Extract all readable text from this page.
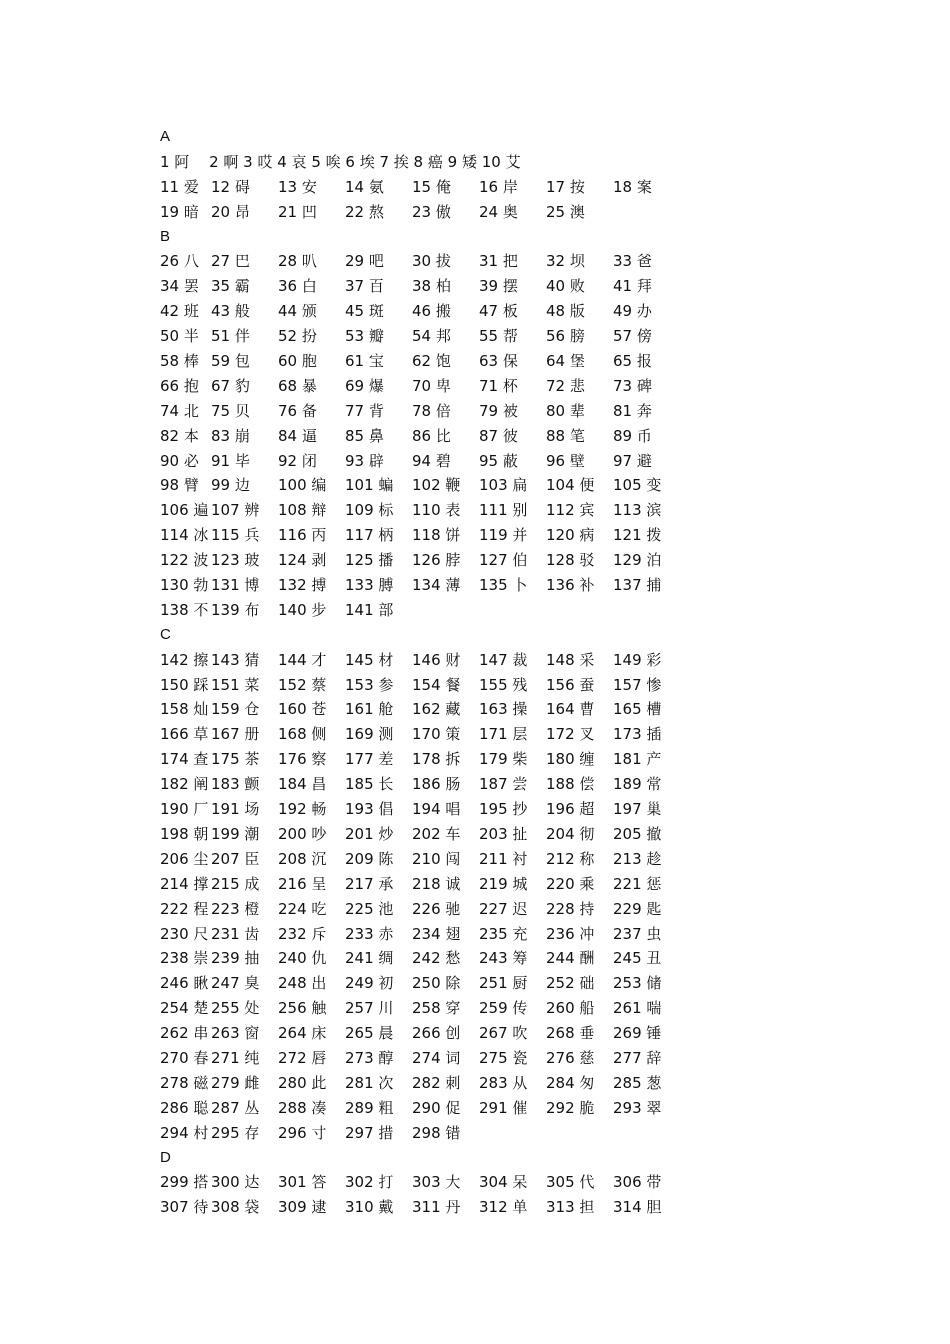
A
1 阿　 2 啊 3 哎 4 哀 5 唉 6 埃 7 挨 8 癌 9 矮 10 艾
11 爱 12 碍 13 安 14 氨 15 俺 16 岸 17 按 18 案
19 暗 20 昂 21 凹 22 熬 23 傲 24 奥 25 澳
B
26 八 27 巴 28 叭 29 吧 30 拔 31 把 32 坝 33 爸
34 罢 35 霸 36 白 37 百 38 柏 39 摆 40 败 41 拜
42 班 43 般 44 颁 45 斑 46 搬 47 板 48 版 49 办
50 半 51 伴 52 扮 53 瓣 54 邦 55 帮 56 膀 57 傍
58 棒 59 包 60 胞 61 宝 62 饱 63 保 64 堡 65 报
66 抱 67 豹 68 暴 69 爆 70 卑 71 杯 72 悲 73 碑
74 北 75 贝 76 备 77 背 78 倍 79 被 80 辈 81 奔
82 本 83 崩 84 逼 85 鼻 86 比 87 彼 88 笔 89 币
90 必 91 毕 92 闭 93 辟 94 碧 95 蔽 96 壁 97 避
98 臂 99 边 100 编 101 蝙 102 鞭 103 扁 104 便 105 变
106 遍 107 辨 108 辩 109 标 110 表 111 别 112 宾 113 滨
114 冰 115 兵 116 丙 117 柄 118 饼 119 并 120 病 121 拨
122 波 123 玻 124 剥 125 播 126 脖 127 伯 128 驳 129 泊
130 勃 131 博 132 搏 133 膊 134 薄 135 卜 136 补 137 捕
138 不 139 布 140 步 141 部
C
142 擦 143 猜 144 才 145 材 146 财 147 裁 148 采 149 彩
150 踩 151 菜 152 蔡 153 参 154 餐 155 残 156 蚕 157 惨
158 灿 159 仓 160 苍 161 舱 162 藏 163 操 164 曹 165 槽
166 草 167 册 168 侧 169 测 170 策 171 层 172 叉 173 插
174 查 175 茶 176 察 177 差 178 拆 179 柴 180 缠 181 产
182 阐 183 颤 184 昌 185 长 186 肠 187 尝 188 偿 189 常
190 厂 191 场 192 畅 193 倡 194 唱 195 抄 196 超 197 巢
198 朝 199 潮 200 吵 201 炒 202 车 203 扯 204 彻 205 撤
206 尘 207 臣 208 沉 209 陈 210 闯 211 衬 212 称 213 趁
214 撑 215 成 216 呈 217 承 218 诚 219 城 220 乘 221 惩
222 程 223 橙 224 吃 225 池 226 驰 227 迟 228 持 229 匙
230 尺 231 齿 232 斥 233 赤 234 翅 235 充 236 冲 237 虫
238 崇 239 抽 240 仇 241 绸 242 愁 243 筹 244 酬 245 丑
246 瞅 247 臭 248 出 249 初 250 除 251 厨 252 础 253 储
254 楚 255 处 256 触 257 川 258 穿 259 传 260 船 261 喘
262 串 263 窗 264 床 265 晨 266 创 267 吹 268 垂 269 锤
270 春 271 纯 272 唇 273 醇 274 词 275 瓷 276 慈 277 辞
278 磁 279 雌 280 此 281 次 282 刺 283 从 284 匆 285 葱
286 聪 287 丛 288 凑 289 粗 290 促 291 催 292 脆 293 翠
294 村 295 存 296 寸 297 措 298 错
D
299 搭 300 达 301 答 302 打 303 大 304 呆 305 代 306 带
307 待 308 袋 309 逮 310 戴 311 丹 312 单 313 担 314 胆
